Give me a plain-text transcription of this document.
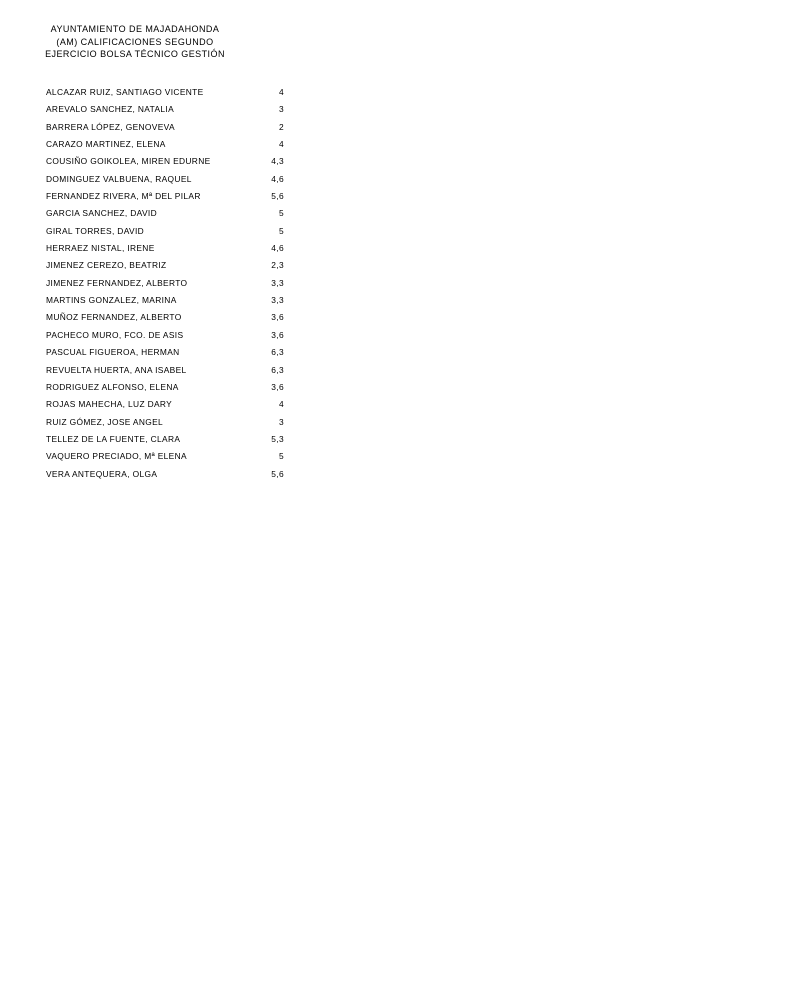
AYUNTAMIENTO DE MAJADAHONDA
(AM) CALIFICACIONES SEGUNDO
EJERCICIO BOLSA TÉCNICO GESTIÓN
ALCAZAR RUIZ, SANTIAGO VICENTE	4
AREVALO SANCHEZ, NATALIA	3
BARRERA LÓPEZ, GENOVEVA	2
CARAZO MARTINEZ, ELENA	4
COUSIÑO GOIKOLEA, MIREN EDURNE	4,3
DOMINGUEZ VALBUENA, RAQUEL	4,6
FERNANDEZ RIVERA, Mª DEL PILAR	5,6
GARCIA SANCHEZ, DAVID	5
GIRAL TORRES, DAVID	5
HERRAEZ NISTAL, IRENE	4,6
JIMENEZ CEREZO, BEATRIZ	2,3
JIMENEZ FERNANDEZ, ALBERTO	3,3
MARTINS GONZALEZ, MARINA	3,3
MUÑOZ FERNANDEZ, ALBERTO	3,6
PACHECO MURO, FCO. DE ASIS	3,6
PASCUAL FIGUEROA, HERMAN	6,3
REVUELTA HUERTA, ANA ISABEL	6,3
RODRIGUEZ ALFONSO, ELENA	3,6
ROJAS MAHECHA, LUZ DARY	4
RUIZ GÓMEZ, JOSE ANGEL	3
TELLEZ DE LA FUENTE, CLARA	5,3
VAQUERO PRECIADO, Mª ELENA	5
VERA ANTEQUERA, OLGA	5,6
